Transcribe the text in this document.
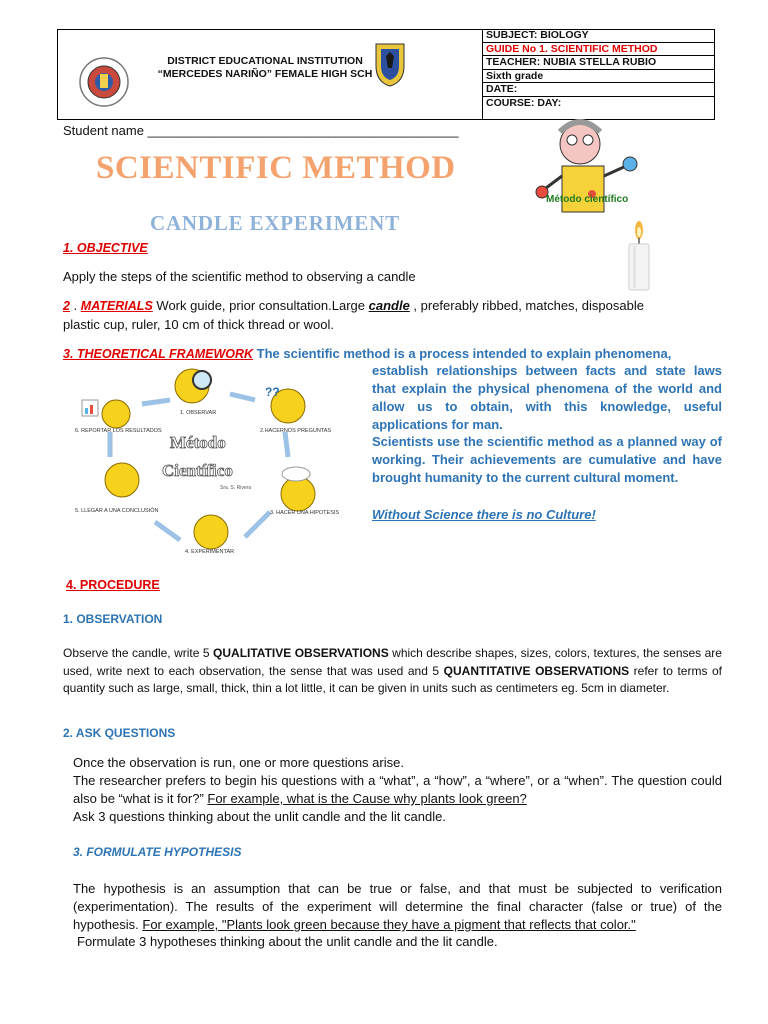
DISTRICT EDUCATIONAL INSTITUTION
“MERCEDES NARIÑO” FEMALE HIGH SCH
SUBJECT: BIOLOGY
GUIDE No 1. SCIENTIFIC METHOD
TEACHER: NUBIA STELLA RUBIO
Sixth grade
DATE:
COURSE: DAY:
Student name ___________________________________________
SCIENTIFIC METHOD
CANDLE EXPERIMENT
Método científico
1. OBJECTIVE
Apply the steps of the scientific method to observing a candle
2 . MATERIALS Work guide, prior consultation.Large candle , preferably ribbed, matches, disposable
plastic cup, ruler, 10 cm of thick thread or wool.
3. THEORETICAL FRAMEWORK The scientific method is a process intended to explain phenomena,
establish relationships between facts and state laws that explain the physical phenomena of the world and allow us to obtain, with this knowledge, useful applications for man.
Scientists use the scientific method as a planned way of working. Their achievements are cumulative and have brought humanity to the current cultural moment.
Without Science there is no Culture!
??
Método
Científico
Sra. S. Rivera
1. OBSERVAR
2.HACERNOS PREGUNTAS
3. HACER UNA HIPOTESIS
4. EXPERIMENTAR
5. LLEGAR A UNA CONCLUSIÓN
6. REPORTAR LOS RESULTADOS
4. PROCEDURE
1. OBSERVATION
Observe the candle, write 5 QUALITATIVE OBSERVATIONS which describe shapes, sizes, colors, textures, the senses are used, write next to each observation, the sense that was used and 5 QUANTITATIVE OBSERVATIONS refer to terms of quantity such as large, small, thick, thin a lot little, it can be given in units such as centimeters eg. 5cm in diameter.
2. ASK QUESTIONS
Once the observation is run, one or more questions arise.
The researcher prefers to begin his questions with a “what”, a “how”, a “where”, or a “when”. The question could also be “what is it for?” For example, what is the Cause why plants look green?
Ask 3 questions thinking about the unlit candle and the lit candle.
3. FORMULATE HYPOTHESIS
The hypothesis is an assumption that can be true or false, and that must be subjected to verification (experimentation). The results of the experiment will determine the final character (false or true) of the hypothesis. For example, "Plants look green because they have a pigment that reflects that color."
Formulate 3 hypotheses thinking about the unlit candle and the lit candle.
